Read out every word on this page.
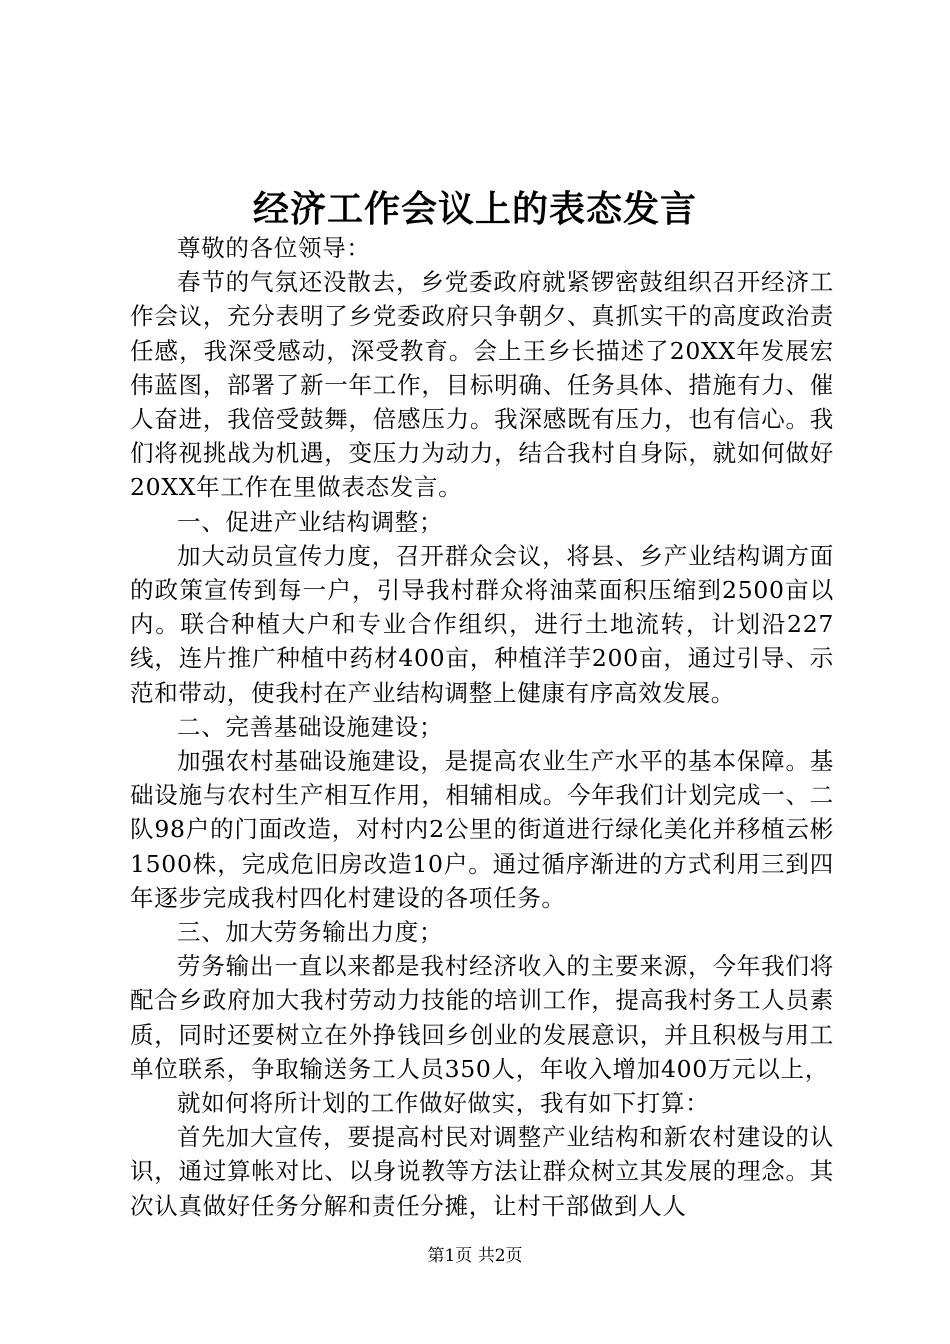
经济工作会议上的表态发言

尊敬的各位领导：

春节的气氛还没散去，乡党委政府就紧锣密鼓组织召开经济工作会议，充分表明了乡党委政府只争朝夕、真抓实干的高度政治责任感，我深受感动，深受教育。会上王乡长描述了20XX年发展宏伟蓝图，部署了新一年工作，目标明确、任务具体、措施有力、催人奋进，我倍受鼓舞，倍感压力。我深感既有压力，也有信心。我们将视挑战为机遇，变压力为动力，结合我村自身际，就如何做好20XX年工作在里做表态发言。

一、促进产业结构调整；

加大动员宣传力度，召开群众会议，将县、乡产业结构调方面的政策宣传到每一户，引导我村群众将油菜面积压缩到2500亩以内。联合种植大户和专业合作组织，进行土地流转，计划沿227线，连片推广种植中药材400亩，种植洋芋200亩，通过引导、示范和带动，使我村在产业结构调整上健康有序高效发展。

二、完善基础设施建设；

加强农村基础设施建设，是提高农业生产水平的基本保障。基础设施与农村生产相互作用，相辅相成。今年我们计划完成一、二队98户的门面改造，对村内2公里的街道进行绿化美化并移植云彬1500株，完成危旧房改造10户。通过循序渐进的方式利用三到四年逐步完成我村四化村建设的各项任务。

三、加大劳务输出力度；

劳务输出一直以来都是我村经济收入的主要来源，今年我们将配合乡政府加大我村劳动力技能的培训工作，提高我村务工人员素质，同时还要树立在外挣钱回乡创业的发展意识，并且积极与用工单位联系，争取输送务工人员350人，年收入增加400万元以上，

就如何将所计划的工作做好做实，我有如下打算：

首先加大宣传，要提高村民对调整产业结构和新农村建设的认识，通过算帐对比、以身说教等方法让群众树立其发展的理念。其次认真做好任务分解和责任分摊，让村干部做到人人

第1页 共2页
